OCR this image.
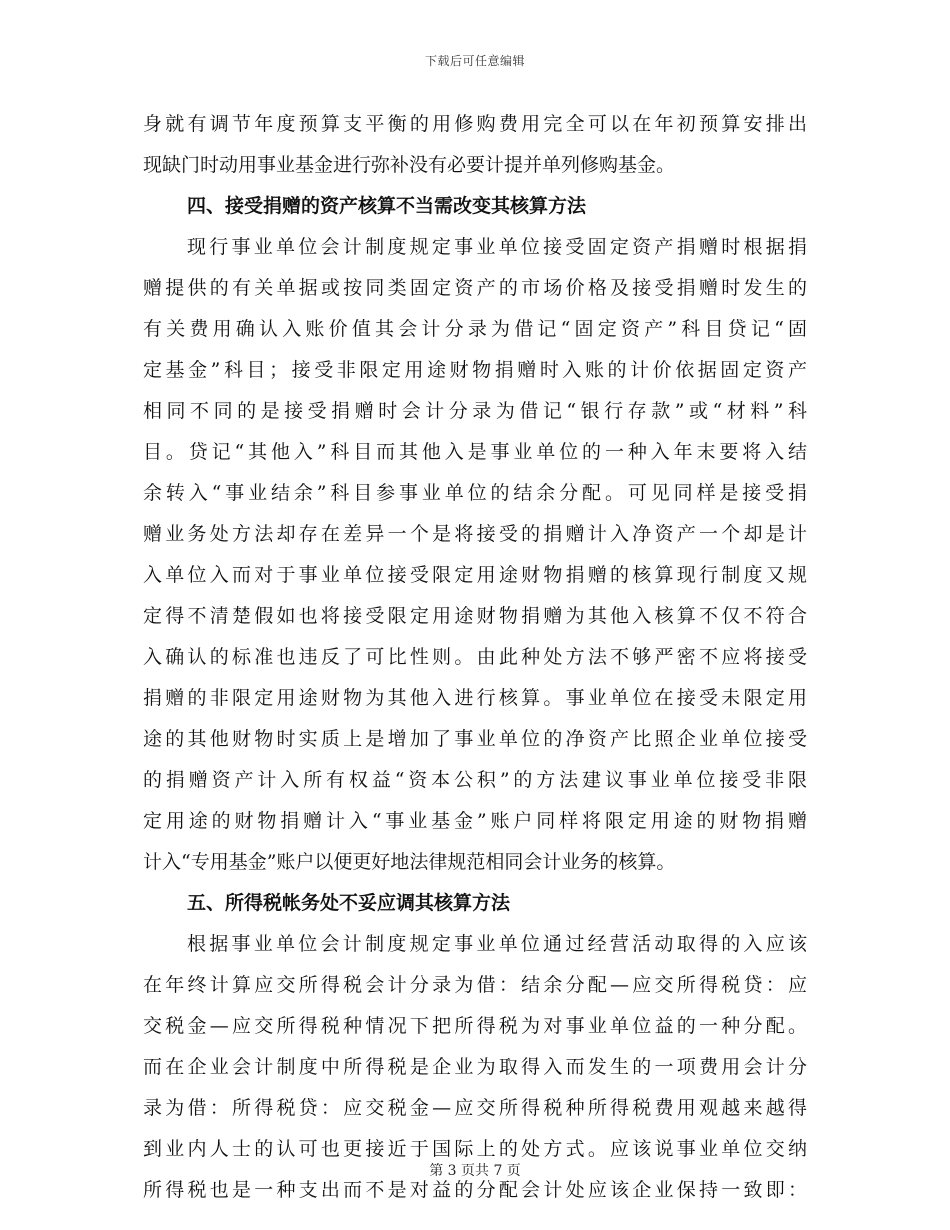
下载后可任意编辑
身就有调节年度预算支平衡的用修购费用完全可以在年初预算安排出
现缺门时动用事业基金进行弥补没有必要计提并单列修购基金。
四、接受捐赠的资产核算不当需改变其核算方法
现行事业单位会计制度规定事业单位接受固定资产捐赠时根据捐
赠提供的有关单据或按同类固定资产的市场价格及接受捐赠时发生的
有关费用确认入账价值其会计分录为借记“固定资产”科目贷记“固
定基金”科目；接受非限定用途财物捐赠时入账的计价依据固定资产
相同不同的是接受捐赠时会计分录为借记“银行存款”或“材料”科
目。贷记“其他入”科目而其他入是事业单位的一种入年末要将入结
余转入“事业结余”科目参事业单位的结余分配。可见同样是接受捐
赠业务处方法却存在差异一个是将接受的捐赠计入净资产一个却是计
入单位入而对于事业单位接受限定用途财物捐赠的核算现行制度又规
定得不清楚假如也将接受限定用途财物捐赠为其他入核算不仅不符合
入确认的标准也违反了可比性则。由此种处方法不够严密不应将接受
捐赠的非限定用途财物为其他入进行核算。事业单位在接受未限定用
途的其他财物时实质上是增加了事业单位的净资产比照企业单位接受
的捐赠资产计入所有权益“资本公积”的方法建议事业单位接受非限
定用途的财物捐赠计入“事业基金”账户同样将限定用途的财物捐赠
计入“专用基金”账户以便更好地法律规范相同会计业务的核算。
五、所得税帐务处不妥应调其核算方法
根据事业单位会计制度规定事业单位通过经营活动取得的入应该
在年终计算应交所得税会计分录为借：结余分配—应交所得税贷：应
交税金—应交所得税种情况下把所得税为对事业单位益的一种分配。
而在企业会计制度中所得税是企业为取得入而发生的一项费用会计分
录为借：所得税贷：应交税金—应交所得税种所得税费用观越来越得
到业内人士的认可也更接近于国际上的处方式。应该说事业单位交纳
所得税也是一种支出而不是对益的分配会计处应该企业保持一致即：
第 3 页共 7 页
